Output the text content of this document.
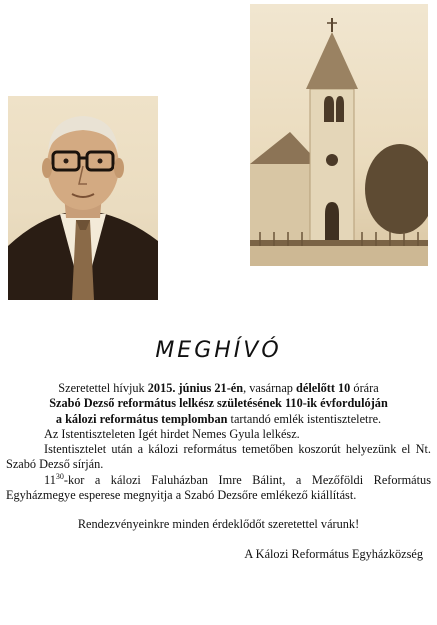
MEGHÍVÓ

Szeretettel hívjuk 2015. június 21-én, vasárnap délelőtt 10 órára

Szabó Dezső református lelkész születésének 110-ik évfordulóján

a kálozi református templomban tartandó emlék istentiszteletre.

Az Istentiszteleten Igét hirdet Nemes Gyula lelkész.

Istentisztelet után a kálozi református temetőben koszorút helyezünk el Nt. Szabó Dezső sírján.

$11^{30}$-kor a kálozi Faluházban Imre Bálint, a Mezőföldi Református Egyházmegye esperese megnyitja a Szabó Dezsőre emlékező kiállítást.

Rendezvényeinkre minden érdeklődőt szeretettel várunk!

A Kálozi Református Egyházközség
